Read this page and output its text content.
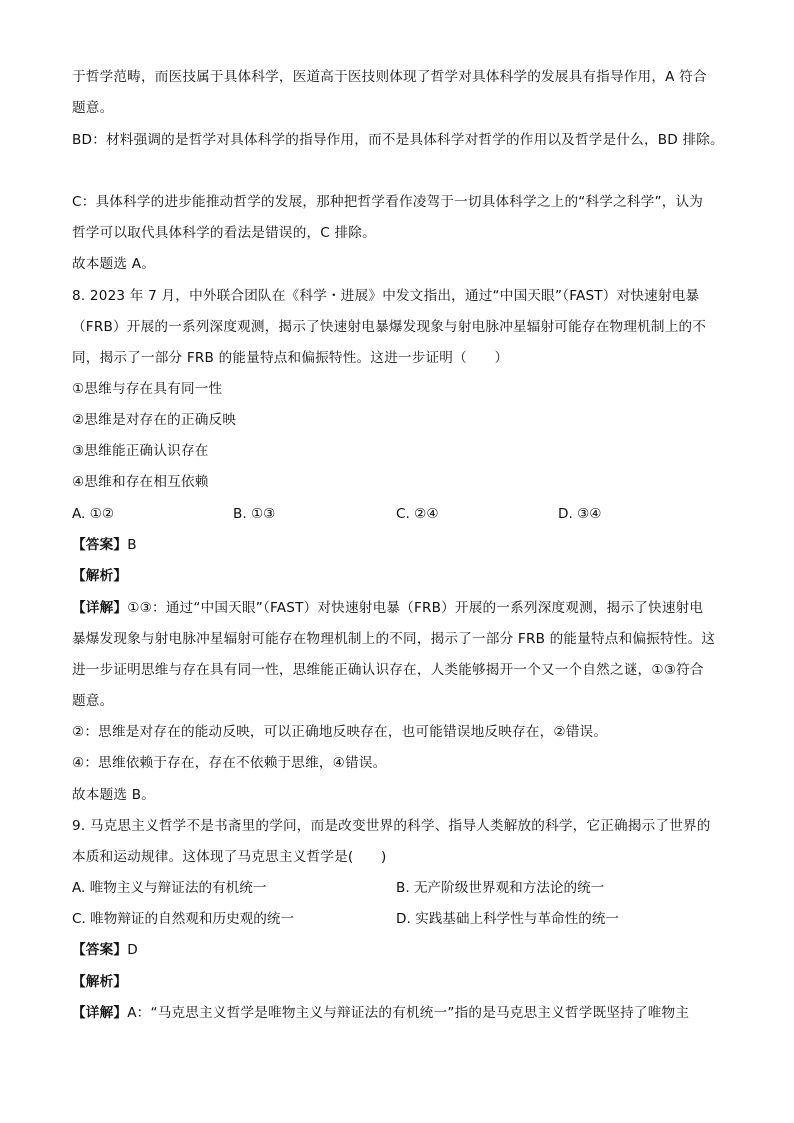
于哲学范畴，而医技属于具体科学，医道高于医技则体现了哲学对具体科学的发展具有指导作用，A 符合
题意。
BD：材料强调的是哲学对具体科学的指导作用，而不是具体科学对哲学的作用以及哲学是什么，BD 排除。
C：具体科学的进步能推动哲学的发展，那种把哲学看作凌驾于一切具体科学之上的“科学之科学”，认为
哲学可以取代具体科学的看法是错误的，C 排除。
故本题选 A。
8. 2023 年 7 月，中外联合团队在《科学・进展》中发文指出，通过“中国天眼”（FAST）对快速射电暴
（FRB）开展的一系列深度观测，揭示了快速射电暴爆发现象与射电脉冲星辐射可能存在物理机制上的不
同，揭示了一部分 FRB 的能量特点和偏振特性。这进一步证明（　　）
①思维与存在具有同一性
②思维是对存在的正确反映
③思维能正确认识存在
④思维和存在相互依赖
A. ①②	B. ①③	C. ②④	D. ③④
【答案】B
【解析】
【详解】①③：通过“中国天眼”（FAST）对快速射电暴（FRB）开展的一系列深度观测，揭示了快速射电
暴爆发现象与射电脉冲星辐射可能存在物理机制上的不同，揭示了一部分 FRB 的能量特点和偏振特性。这
进一步证明思维与存在具有同一性，思维能正确认识存在，人类能够揭开一个又一个自然之谜，①③符合
题意。
②：思维是对存在的能动反映，可以正确地反映存在，也可能错误地反映存在，②错误。
④：思维依赖于存在，存在不依赖于思维，④错误。
故本题选 B。
9. 马克思主义哲学不是书斋里的学问，而是改变世界的科学、指导人类解放的科学，它正确揭示了世界的
本质和运动规律。这体现了马克思主义哲学是(　　)
A. 唯物主义与辩证法的有机统一	B. 无产阶级世界观和方法论的统一
C. 唯物辩证的自然观和历史观的统一	D. 实践基础上科学性与革命性的统一
【答案】D
【解析】
【详解】A：“马克思主义哲学是唯物主义与辩证法的有机统一”指的是马克思主义哲学既坚持了唯物主
